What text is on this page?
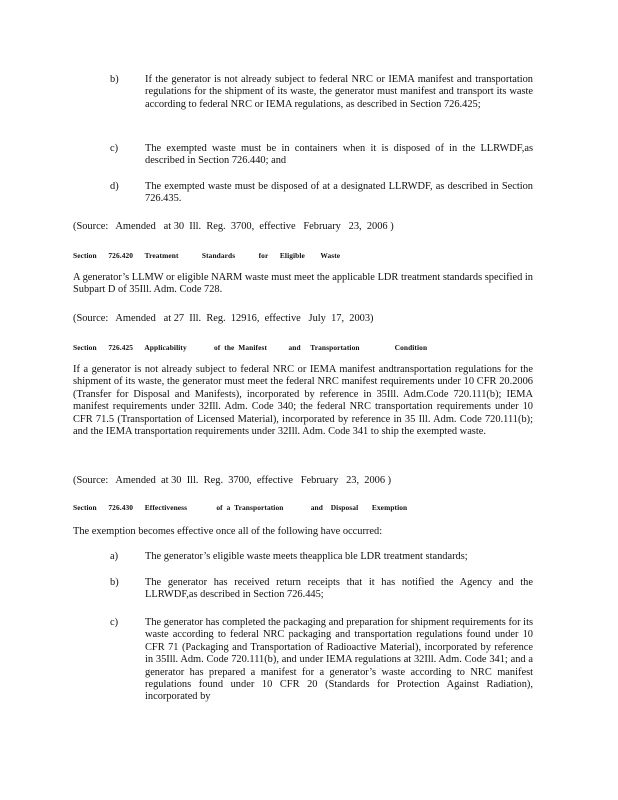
b)	If the generator is not already subject to federal NRC or IEMA manifest and transportation regulations for the shipment of its waste, the generator must manifest and transport its waste according to federal NRC or IEMA regulations, as described in Section 726.425;
c)	The exempted waste must be in containers when it is disposed of in the LLRWDF,as described in Section 726.440; and
d)	The exempted waste must be disposed of at a designated LLRWDF, as described in Section 726.435.
(Source:   Amended   at 30  Ill.  Reg.  3700,  effective   February   23,  2006 )
Section      726.420      Treatment            Standards            for      Eligible        Waste
A generator’s LLMW or eligible NARM waste must meet the applicable LDR treatment standards specified in Subpart D of 35Ill. Adm. Code 728.
(Source:   Amended   at 27  Ill.  Reg.  12916,  effective   July  17,  2003)
Section      726.425      Applicability              of  the  Manifest           and     Transportation                  Condition
If a generator is not already subject to federal NRC or IEMA manifest andtransportation regulations for the shipment of its waste, the generator must meet the federal NRC manifest requirements under 10 CFR 20.2006 (Transfer for Disposal and Manifests), incorporated by reference in 35Ill. Adm.Code 720.111(b); IEMA manifest requirements under 32Ill. Adm. Code 340; the federal NRC transportation requirements under 10 CFR 71.5 (Transportation of Licensed Material), incorporated by reference in 35 Ill. Adm. Code 720.111(b); and the IEMA transportation requirements under 32Ill. Adm. Code 341 to ship the exempted waste.
(Source:   Amended  at 30  Ill.  Reg.  3700,  effective   February   23,  2006 )
Section      726.430      Effectiveness               of  a  Transportation              and    Disposal       Exemption
The exemption becomes effective once all of the following have occurred:
a)	The generator’s eligible waste meets theapplica ble LDR treatment standards;
b)	The generator has received return receipts that it has notified the Agency and the LLRWDF,as described in Section 726.445;
c)	The generator has completed the packaging and preparation for shipment requirements for its waste according to federal NRC packaging and transportation regulations found under 10 CFR 71 (Packaging and Transportation of Radioactive Material), incorporated by reference in 35Ill. Adm. Code 720.111(b), and under IEMA regulations at 32Ill. Adm. Code 341; and a generator has prepared a manifest for a generator’s waste according to NRC manifest regulations found under 10 CFR 20 (Standards for Protection Against Radiation), incorporated by
